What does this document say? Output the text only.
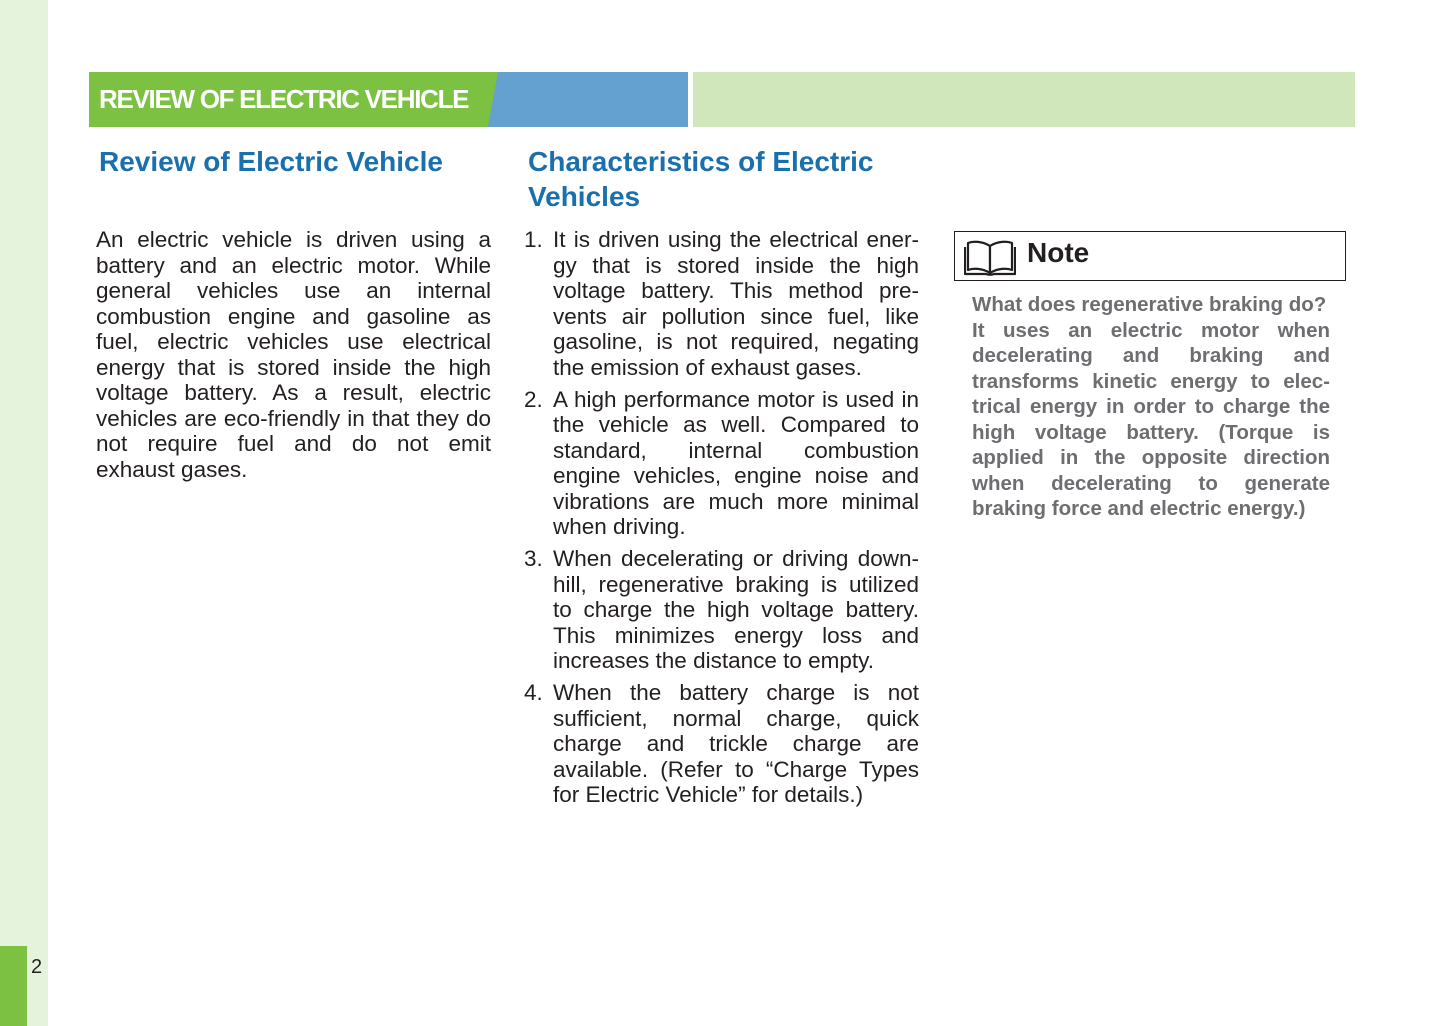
2
REVIEW OF ELECTRIC VEHICLE
Review of Electric Vehicle
An electric vehicle is driven using a battery and an electric motor. While general vehicles use an internal combustion engine and gasoline as fuel, electric vehicles use electrical energy that is stored inside the high voltage battery. As a result, electric vehicles are eco-friendly in that they do not require fuel and do not emit exhaust gases.
Characteristics of Electric Vehicles
1. It is driven using the electrical energy that is stored inside the high voltage battery. This method prevents air pollution since fuel, like gasoline, is not required, negating the emission of exhaust gases.
2. A high performance motor is used in the vehicle as well. Compared to standard, internal combustion engine vehicles, engine noise and vibrations are much more minimal when driving.
3. When decelerating or driving downhill, regenerative braking is utilized to charge the high voltage battery. This minimizes energy loss and increases the distance to empty.
4. When the battery charge is not sufficient, normal charge, quick charge and trickle charge are available. (Refer to “Charge Types for Electric Vehicle” for details.)
Note

What does regenerative braking do?

It uses an electric motor when decelerating and braking and transforms kinetic energy to electrical energy in order to charge the high voltage battery. (Torque is applied in the opposite direction when decelerating to generate braking force and electric energy.)
